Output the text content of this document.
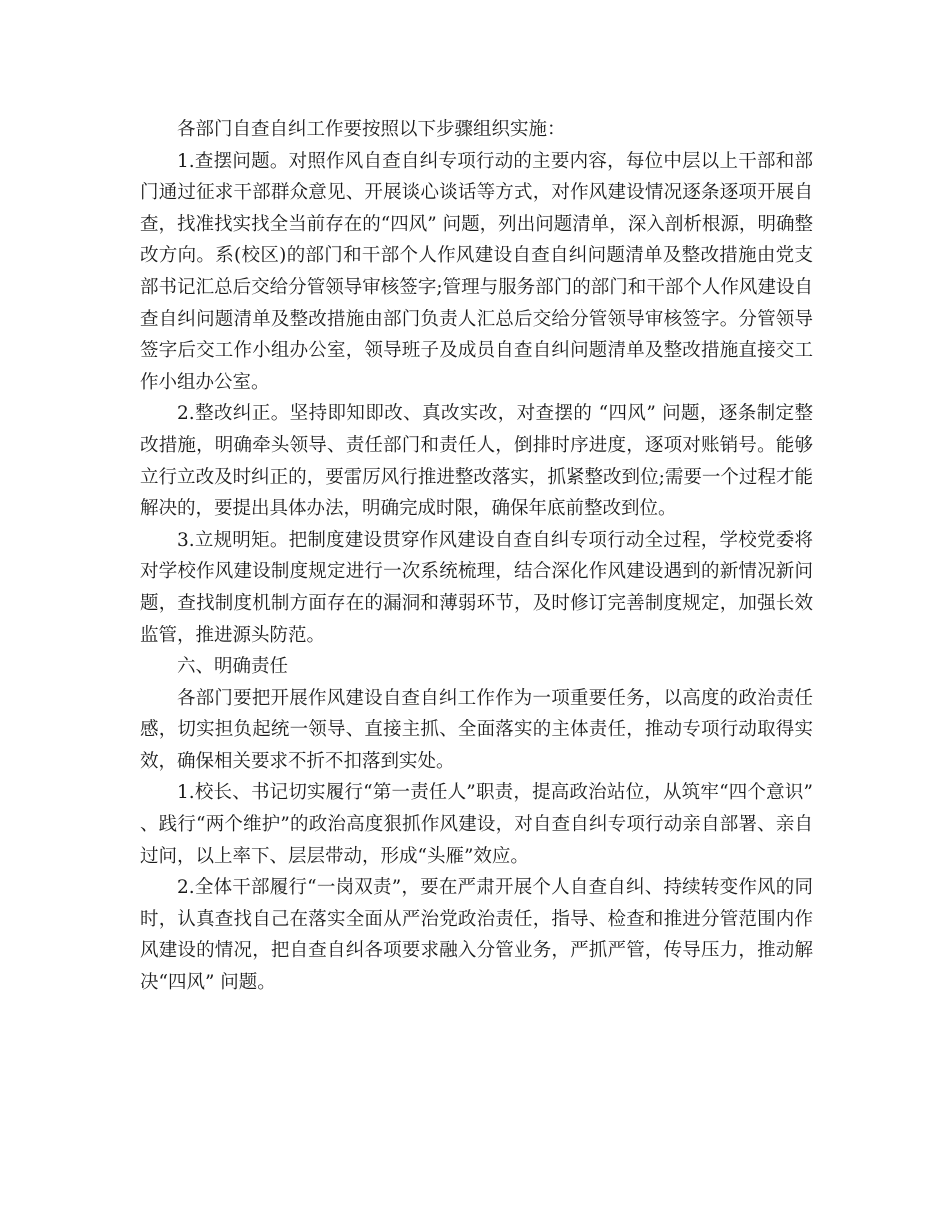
各部门自查自纠工作要按照以下步骤组织实施：

1.查摆问题。对照作风自查自纠专项行动的主要内容，每位中层以上干部和部门通过征求干部群众意见、开展谈心谈话等方式，对作风建设情况逐条逐项开展自查，找准找实找全当前存在的“四风” 问题，列出问题清单，深入剖析根源，明确整改方向。系(校区)的部门和干部个人作风建设自查自纠问题清单及整改措施由党支部书记汇总后交给分管领导审核签字;管理与服务部门的部门和干部个人作风建设自查自纠问题清单及整改措施由部门负责人汇总后交给分管领导审核签字。分管领导签字后交工作小组办公室，领导班子及成员自查自纠问题清单及整改措施直接交工作小组办公室。

2.整改纠正。坚持即知即改、真改实改，对查摆的 “四风” 问题，逐条制定整改措施，明确牵头领导、责任部门和责任人，倒排时序进度，逐项对账销号。能够立行立改及时纠正的，要雷厉风行推进整改落实，抓紧整改到位;需要一个过程才能解决的，要提出具体办法，明确完成时限，确保年底前整改到位。

3.立规明矩。把制度建设贯穿作风建设自查自纠专项行动全过程，学校党委将对学校作风建设制度规定进行一次系统梳理，结合深化作风建设遇到的新情况新问题，查找制度机制方面存在的漏洞和薄弱环节，及时修订完善制度规定，加强长效监管，推进源头防范。

六、明确责任

各部门要把开展作风建设自查自纠工作作为一项重要任务，以高度的政治责任感，切实担负起统一领导、直接主抓、全面落实的主体责任，推动专项行动取得实效，确保相关要求不折不扣落到实处。

1.校长、书记切实履行“第一责任人”职责，提高政治站位，从筑牢“四个意识”、践行“两个维护”的政治高度狠抓作风建设，对自查自纠专项行动亲自部署、亲自过问，以上率下、层层带动，形成“头雁”效应。

2.全体干部履行“一岗双责”，要在严肃开展个人自查自纠、持续转变作风的同时，认真查找自己在落实全面从严治党政治责任，指导、检查和推进分管范围内作风建设的情况，把自查自纠各项要求融入分管业务，严抓严管，传导压力，推动解决“四风” 问题。
